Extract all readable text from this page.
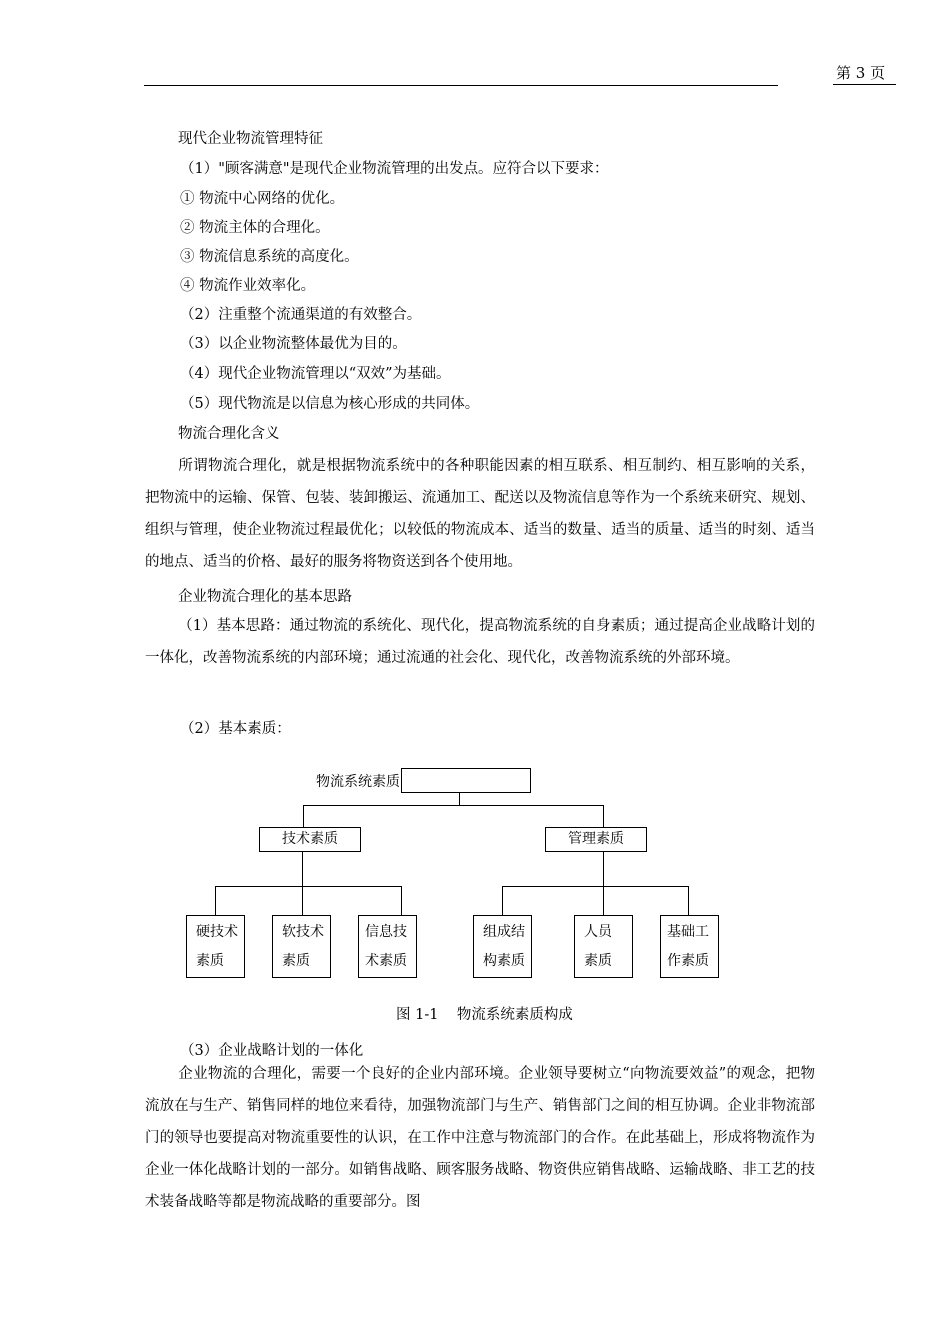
第 3 页
现代企业物流管理特征
（1）"顾客满意"是现代企业物流管理的出发点。应符合以下要求：
① 物流中心网络的优化。
② 物流主体的合理化。
③ 物流信息系统的高度化。
④ 物流作业效率化。
（2）注重整个流通渠道的有效整合。
（3）以企业物流整体最优为目的。
（4）现代企业物流管理以“双效”为基础。
（5）现代物流是以信息为核心形成的共同体。
物流合理化含义
所谓物流合理化，就是根据物流系统中的各种职能因素的相互联系、相互制约、相互影响的关系，把物流中的运输、保管、包装、装卸搬运、流通加工、配送以及物流信息等作为一个系统来研究、规划、组织与管理，使企业物流过程最优化；以较低的物流成本、适当的数量、适当的质量、适当的时刻、适当的地点、适当的价格、最好的服务将物资送到各个使用地。
企业物流合理化的基本思路
（1）基本思路：通过物流的系统化、现代化，提高物流系统的自身素质；通过提高企业战略计划的一体化，改善物流系统的内部环境；通过流通的社会化、现代化，改善物流系统的外部环境。
（2）基本素质：
物流系统素质
技术素质	管理素质
硬技术
素质
软技术
素质
信息技
术素质
组成结
构素质
人员
素质
基础工
作素质
图 1-1    物流系统素质构成
（3）企业战略计划的一体化
企业物流的合理化，需要一个良好的企业内部环境。企业领导要树立“向物流要效益”的观念，把物流放在与生产、销售同样的地位来看待，加强物流部门与生产、销售部门之间的相互协调。企业非物流部门的领导也要提高对物流重要性的认识，在工作中注意与物流部门的合作。在此基础上，形成将物流作为企业一体化战略计划的一部分。如销售战略、顾客服务战略、物资供应销售战略、运输战略、非工艺的技术装备战略等都是物流战略的重要部分。图
